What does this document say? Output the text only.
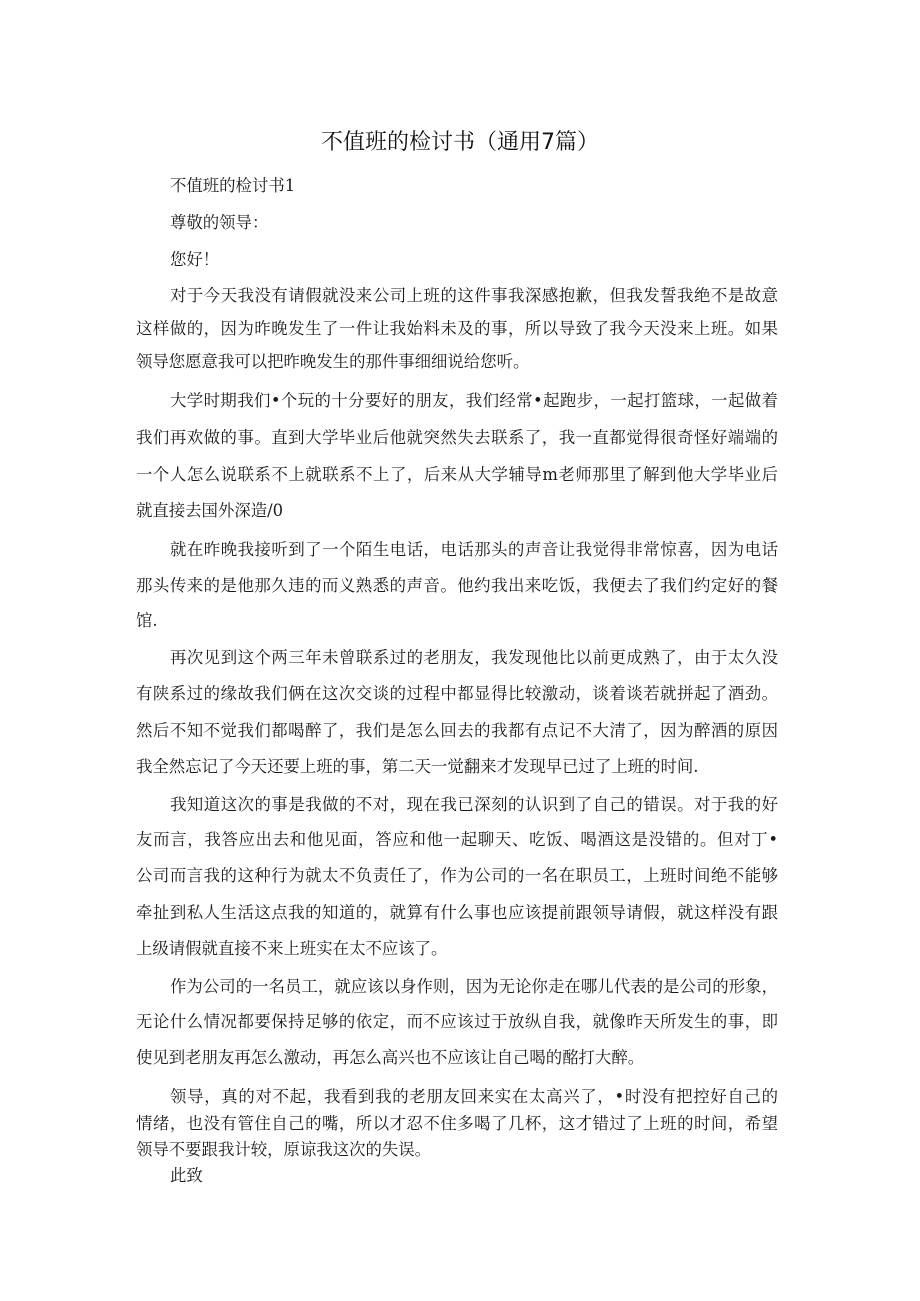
不值班的检讨书（通用7篇）
不值班的检讨书1
尊敬的领导：
您好！
对于今天我没有请假就没来公司上班的这件事我深感抱歉，但我发誓我绝不是故意
这样做的，因为昨晚发生了一件让我始料未及的事，所以导致了我今天没来上班。如果
领导您愿意我可以把昨晚发生的那件事细细说给您听。
大学时期我们•个玩的十分要好的朋友，我们经常•起跑步，一起打篮球，一起做着
我们再欢做的事。直到大学毕业后他就突然失去联系了，我一直都觉得很奇怪好端端的
一个人怎么说联系不上就联系不上了，后来从大学辅导m老师那里了解到他大学毕业后
就直接去国外深造/0
就在昨晚我接听到了一个陌生电话，电话那头的声音让我觉得非常惊喜，因为电话
那头传来的是他那久违的而义熟悉的声音。他约我出来吃饭，我便去了我们约定好的餐
馆.
再次见到这个两三年未曾联系过的老朋友，我发现他比以前更成熟了，由于太久没
有陕系过的缘故我们俩在这次交谈的过程中都显得比较激动，谈着谈若就拼起了酒劲。
然后不知不觉我们都喝醉了，我们是怎么回去的我都有点记不大清了，因为醉酒的原因
我全然忘记了今天还要上班的事，第二天一觉翻来才发现早已过了上班的时间.
我知道这次的事是我做的不对，现在我已深刻的认识到了自己的错误。对于我的好
友而言，我答应出去和他见面，答应和他一起聊天、吃饭、喝酒这是没错的。但对丁•
公司而言我的这种行为就太不负责任了，作为公司的一名在职员工，上班时间绝不能够
牵扯到私人生活这点我的知道的，就算有什么事也应该提前跟领导请假，就这样没有跟
上级请假就直接不来上班实在太不应该了。
作为公司的一名员工，就应该以身作则，因为无论你走在哪儿代表的是公司的形象，
无论什么情况都要保持足够的依定，而不应该过于放纵自我，就像昨天所发生的事，即
使见到老朋友再怎么激动，再怎么高兴也不应该让自己喝的酩打大醉。
领导，真的对不起，我看到我的老朋友回来实在太高兴了，•时没有把控好自己的
情绪，也没有管住自己的嘴，所以才忍不住多喝了几杯，这才错过了上班的时间，希望
领导不要跟我计较，原谅我这次的失误。
此致
